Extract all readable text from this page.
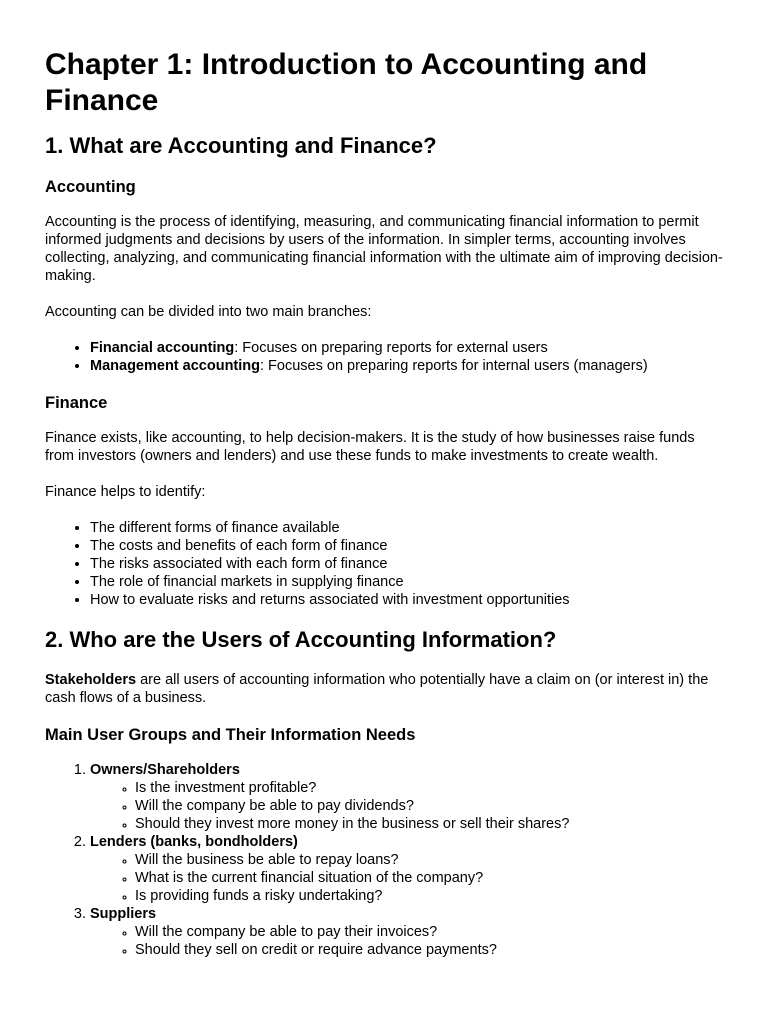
Chapter 1: Introduction to Accounting and Finance
1. What are Accounting and Finance?
Accounting

Accounting is the process of identifying, measuring, and communicating financial information to permit informed judgments and decisions by users of the information. In simpler terms, accounting involves collecting, analyzing, and communicating financial information with the ultimate aim of improving decision-making.

Accounting can be divided into two main branches:

• Financial accounting: Focuses on preparing reports for external users
• Management accounting: Focuses on preparing reports for internal users (managers)
Finance

Finance exists, like accounting, to help decision-makers. It is the study of how businesses raise funds from investors (owners and lenders) and use these funds to make investments to create wealth.

Finance helps to identify:

• The different forms of finance available
• The costs and benefits of each form of finance
• The risks associated with each form of finance
• The role of financial markets in supplying finance
• How to evaluate risks and returns associated with investment opportunities
2. Who are the Users of Accounting Information?

Stakeholders are all users of accounting information who potentially have a claim on (or interest in) the cash flows of a business.

Main User Groups and Their Information Needs
1. Owners/Shareholders
◦ Is the investment profitable?
◦ Will the company be able to pay dividends?
◦ Should they invest more money in the business or sell their shares?
2. Lenders (banks, bondholders)
◦ Will the business be able to repay loans?
◦ What is the current financial situation of the company?
◦ Is providing funds a risky undertaking?
3. Suppliers
◦ Will the company be able to pay their invoices?
◦ Should they sell on credit or require advance payments?
